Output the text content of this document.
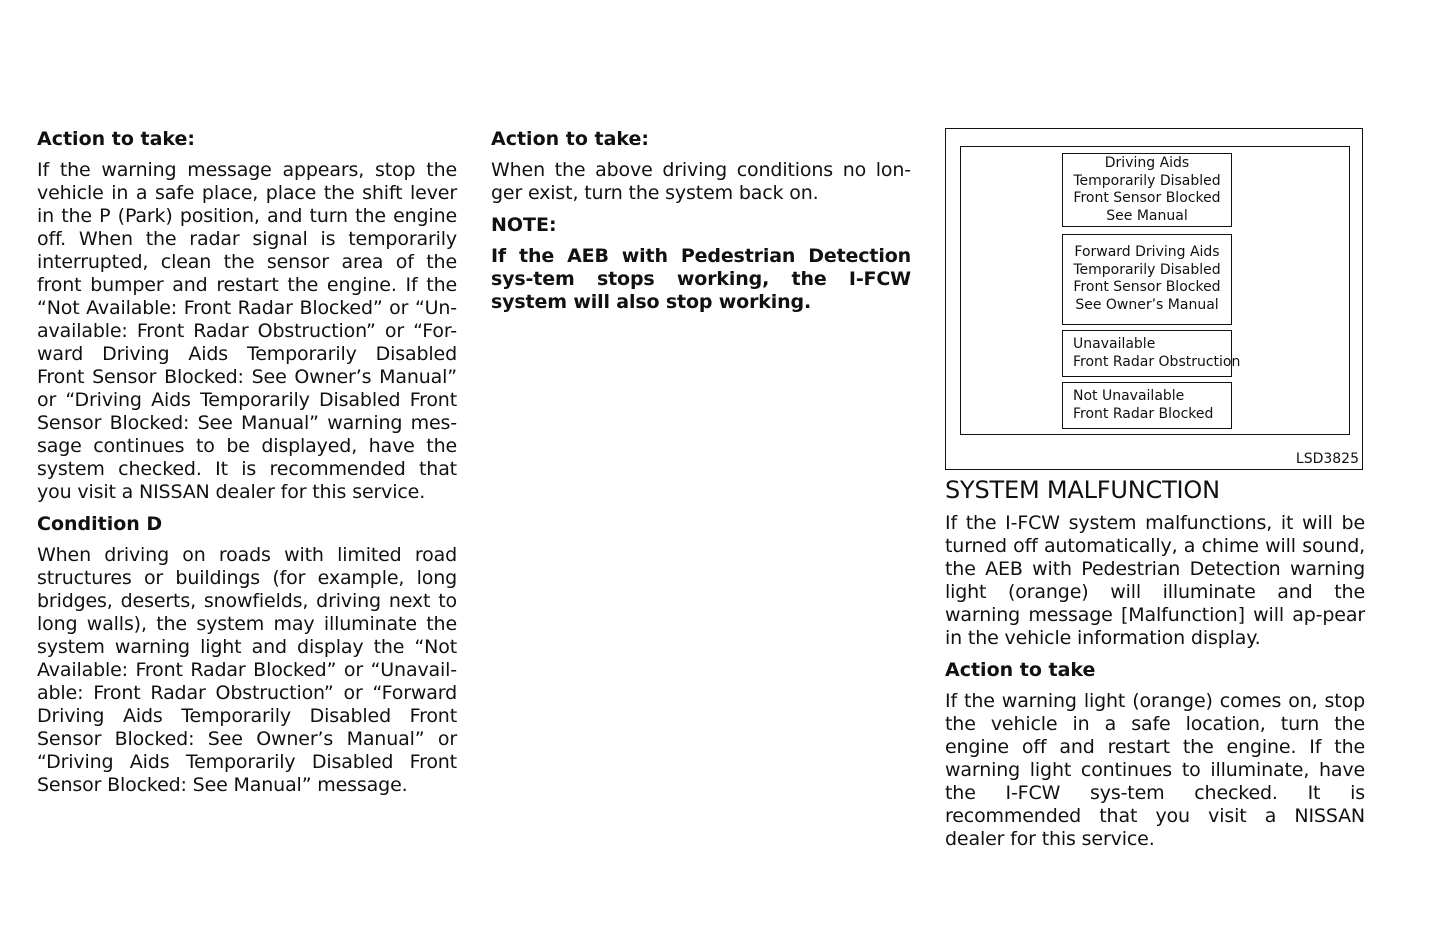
Action to take:
If the warning message appears, stop the vehicle in a safe place, place the shift lever in the P (Park) position, and turn the engine off. When the radar signal is temporarily interrupted, clean the sensor area of the front bumper and restart the engine. If the “Not Available: Front Radar Blocked” or “Un-available: Front Radar Obstruction” or “For-ward Driving Aids Temporarily Disabled Front Sensor Blocked: See Owner’s Manual” or “Driving Aids Temporarily Disabled Front Sensor Blocked: See Manual” warning mes-sage continues to be displayed, have the system checked. It is recommended that you visit a NISSAN dealer for this service.
Condition D
When driving on roads with limited road structures or buildings (for example, long bridges, deserts, snowfields, driving next to long walls), the system may illuminate the system warning light and display the “Not Available: Front Radar Blocked” or “Unavail-able: Front Radar Obstruction” or “Forward Driving Aids Temporarily Disabled Front Sensor Blocked: See Owner’s Manual” or “Driving Aids Temporarily Disabled Front Sensor Blocked: See Manual” message.
Action to take:
When the above driving conditions no lon-ger exist, turn the system back on.
NOTE:
If the AEB with Pedestrian Detection sys-tem stops working, the I-FCW system will also stop working.
Driving Aids
Temporarily Disabled
Front Sensor Blocked
See Manual
Forward Driving Aids
Temporarily Disabled
Front Sensor Blocked
See Owner’s Manual
Unavailable
Front Radar Obstruction
Not Unavailable
Front Radar Blocked
LSD3825
SYSTEM MALFUNCTION
If the I-FCW system malfunctions, it will be turned off automatically, a chime will sound, the AEB with Pedestrian Detection warning light (orange) will illuminate and the warning message [Malfunction] will ap-pear in the vehicle information display.
Action to take
If the warning light (orange) comes on, stop the vehicle in a safe location, turn the engine off and restart the engine. If the warning light continues to illuminate, have the I-FCW sys-tem checked. It is recommended that you visit a NISSAN dealer for this service.
